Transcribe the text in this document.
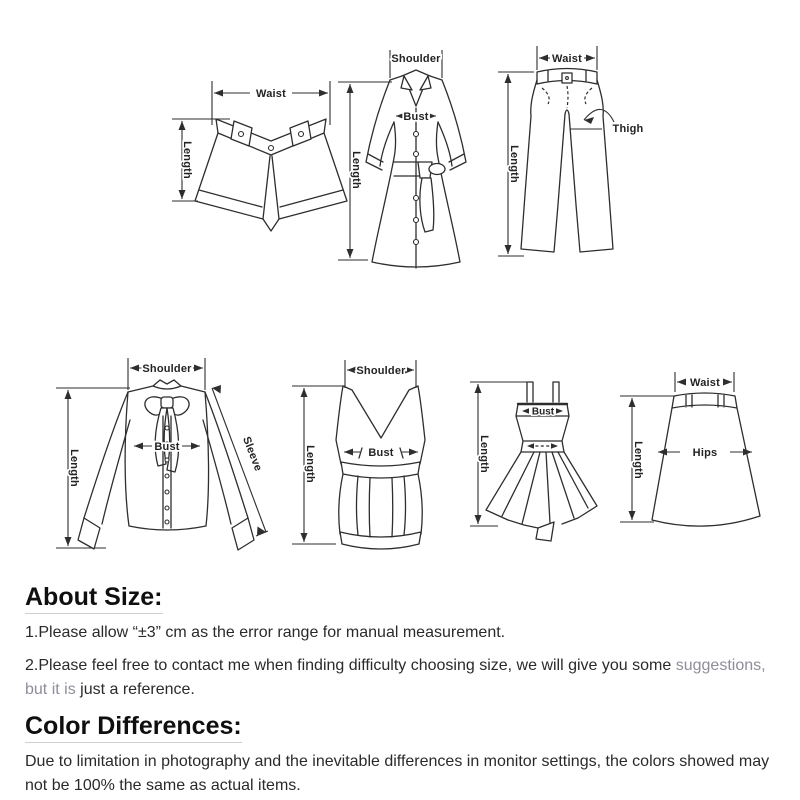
Waist
Length
Shoulder
Length
Bust
Waist
Length
Thigh
Shoulder
Length	Sleeve
Bust
Shoulder
Length	Bust	Length
Bust
Waist
Length	Hips
About Size:

1.Please allow “±3” cm as the error range for manual measurement.

2.Please feel free to contact me when finding difficulty choosing size, we will give you some suggestions, but it is just a reference.

Color Differences:

Due to limitation in photography and the inevitable differences in monitor settings, the colors showed may not be 100% the same as actual items.
